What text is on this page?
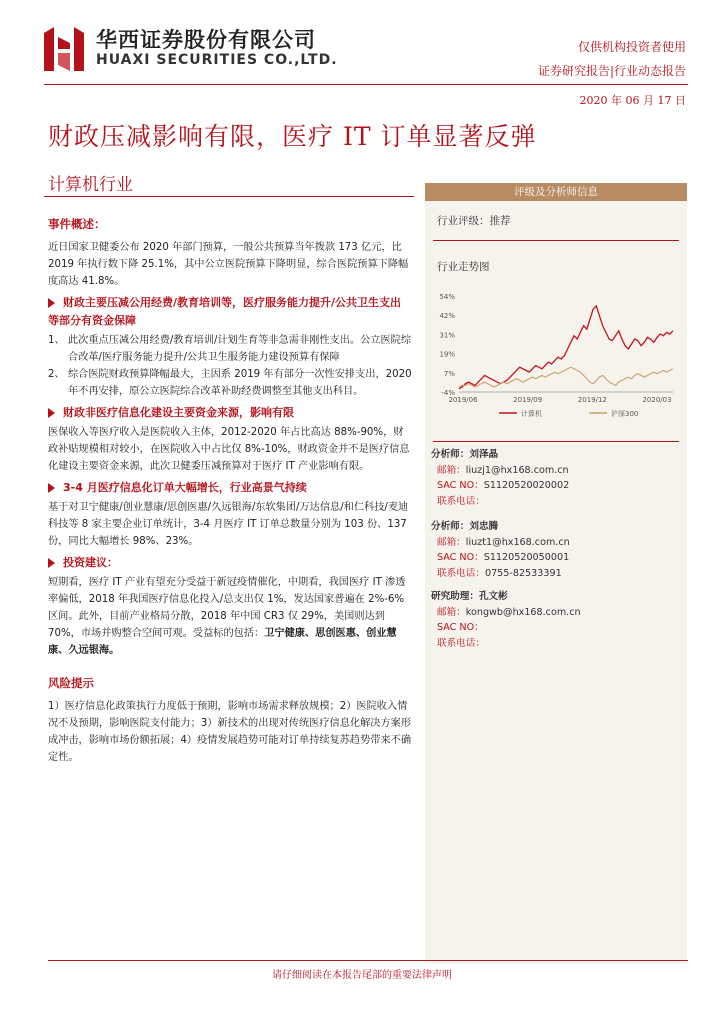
华西证券股份有限公司
HUAXI SECURITIES CO.,LTD.
仅供机构投资者使用
证券研究报告|行业动态报告
2020 年 06 月 17 日
财政压减影响有限，医疗 IT 订单显著反弹
计算机行业

事件概述：

近日国家卫健委公布 2020 年部门预算，一般公共预算当年拨款 173 亿元，比 2019 年执行数下降 25.1%，其中公立医院预算下降明显，综合医院预算下降幅度高达 41.8%。

财政主要压减公用经费/教育培训等，医疗服务能力提升/公共卫生支出等部分有资金保障
1、 此次重点压减公用经费/教育培训/计划生育等非急需非刚性支出。公立医院综合改革/医疗服务能力提升/公共卫生服务能力建设预算有保障
2、 综合医院财政预算降幅最大，主因系 2019 年有部分一次性安排支出，2020 年不再安排，原公立医院综合改革补助经费调整至其他支出科目。
财政非医疗信息化建设主要资金来源，影响有限

医保收入等医疗收入是医院收入主体，2012-2020 年占比高达 88%-90%，财政补贴规模相对较小，在医院收入中占比仅 8%-10%，财政资金并不是医疗信息化建设主要资金来源，此次卫健委压减预算对于医疗 IT 产业影响有限。

3-4 月医疗信息化订单大幅增长，行业高景气持续

基于对卫宁健康/创业慧康/思创医惠/久远银海/东软集团/万达信息/和仁科技/麦迪科技等 8 家主要企业订单统计，3-4 月医疗 IT 订单总数量分别为 103 份、137 份，同比大幅增长 98%、23%。

投资建议：

短期看，医疗 IT 产业有望充分受益于新冠疫情催化，中期看，我国医疗 IT 渗透率偏低，2018 年我国医疗信息化投入/总支出仅 1%，发达国家普遍在 2%-6%区间。此外，目前产业格局分散，2018 年中国 CR3 仅 29%，美国则达到 70%，市场并购整合空间可观。受益标的包括：卫宁健康、思创医惠、创业慧康、久远银海。

风险提示

1）医疗信息化政策执行力度低于预期，影响市场需求释放规模；2）医院收入情况不及预期，影响医院支付能力；3）新技术的出现对传统医疗信息化解决方案形成冲击，影响市场份额拓展；4）疫情发展趋势可能对订单持续复苏趋势带来不确定性。

评级及分析师信息
行业评级：推荐
行业走势图
54%
42%
31%
19%
7%
-4%
2019/06	2019/09	2019/12	2020/03
计算机	沪深300
分析师：刘泽晶
邮箱：liuzj1@hx168.com.cn
SAC NO：S1120520020002
联系电话：
分析师：刘忠腾
邮箱：liuzt1@hx168.com.cn
SAC NO：S1120520050001
联系电话：0755-82533391
研究助理：孔文彬
邮箱：kongwb@hx168.com.cn
SAC NO：
联系电话：
请仔细阅读在本报告尾部的重要法律声明
